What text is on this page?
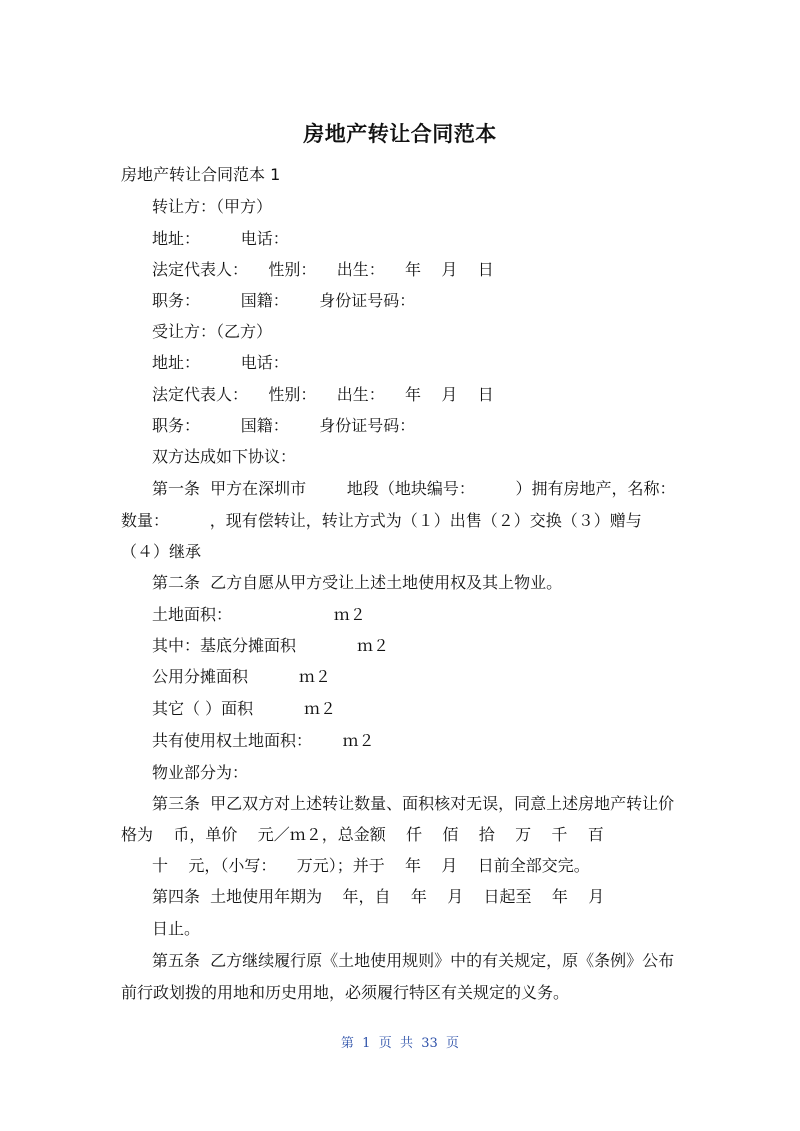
房地产转让合同范本
房地产转让合同范本 1
转让方：（甲方）
地址：        电话：
法定代表人：    性别：    出生：    年    月    日
职务：        国籍：      身份证号码：
受让方：（乙方）
地址：        电话：
法定代表人：    性别：    出生：    年    月    日
职务：        国籍：      身份证号码：
双方达成如下协议：
第一条  甲方在深圳市        地段（地块编号：        ）拥有房地产，名称：
数量：        ，现有偿转让，转让方式为（１）出售（２）交换（３）赠与
（４）继承
第二条  乙方自愿从甲方受让上述土地使用权及其上物业。
土地面积：                    ｍ２
其中：基底分摊面积            ｍ２
公用分摊面积          ｍ２
其它（ ）面积          ｍ２
共有使用权土地面积：      ｍ２
物业部分为：
第三条  甲乙双方对上述转让数量、面积核对无误，同意上述房地产转让价
格为    币，单价    元／ｍ２，总金额    仟    佰    拾    万    千    百
十    元，（小写：    万元）；并于    年    月    日前全部交完。
第四条  土地使用年期为    年，自    年    月    日起至    年    月
日止。
第五条  乙方继续履行原《土地使用规则》中的有关规定，原《条例》公布
前行政划拨的用地和历史用地，必须履行特区有关规定的义务。
第  1  页  共  33  页
